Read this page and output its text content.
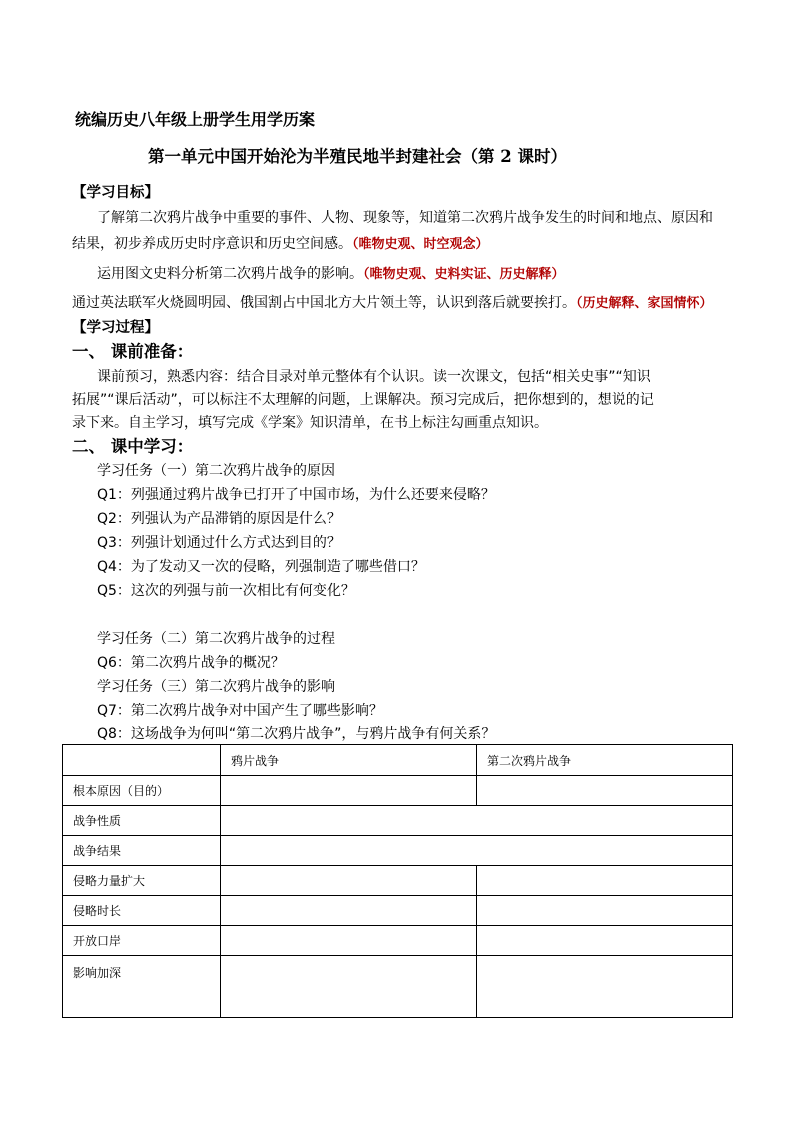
统编历史八年级上册学生用学历案
第一单元中国开始沦为半殖民地半封建社会（第 2 课时）
【学习目标】
了解第二次鸦片战争中重要的事件、人物、现象等，知道第二次鸦片战争发生的时间和地点、原因和
结果，初步养成历史时序意识和历史空间感。（唯物史观、时空观念）
运用图文史料分析第二次鸦片战争的影响。（唯物史观、史料实证、历史解释）
通过英法联军火烧圆明园、俄国割占中国北方大片领土等，认识到落后就要挨打。（历史解释、家国情怀）
【学习过程】
一、 课前准备：
课前预习，熟悉内容：结合目录对单元整体有个认识。读一次课文，包括“相关史事”“知识
拓展”“课后活动”，可以标注不太理解的问题，上课解决。预习完成后，把你想到的，想说的记
录下来。自主学习，填写完成《学案》知识清单，在书上标注勾画重点知识。
二、 课中学习：
学习任务（一）第二次鸦片战争的原因
Q1：列强通过鸦片战争已打开了中国市场，为什么还要来侵略？
Q2：列强认为产品滞销的原因是什么？
Q3：列强计划通过什么方式达到目的？
Q4：为了发动又一次的侵略，列强制造了哪些借口？
Q5：这次的列强与前一次相比有何变化？
学习任务（二）第二次鸦片战争的过程
Q6：第二次鸦片战争的概况？
学习任务（三）第二次鸦片战争的影响
Q7：第二次鸦片战争对中国产生了哪些影响？
Q8：这场战争为何叫“第二次鸦片战争”，与鸦片战争有何关系？
	鸦片战争	第二次鸦片战争
根本原因（目的）		
战争性质		
战争结果		
侵略力量扩大		
侵略时长		
开放口岸		
影响加深		
